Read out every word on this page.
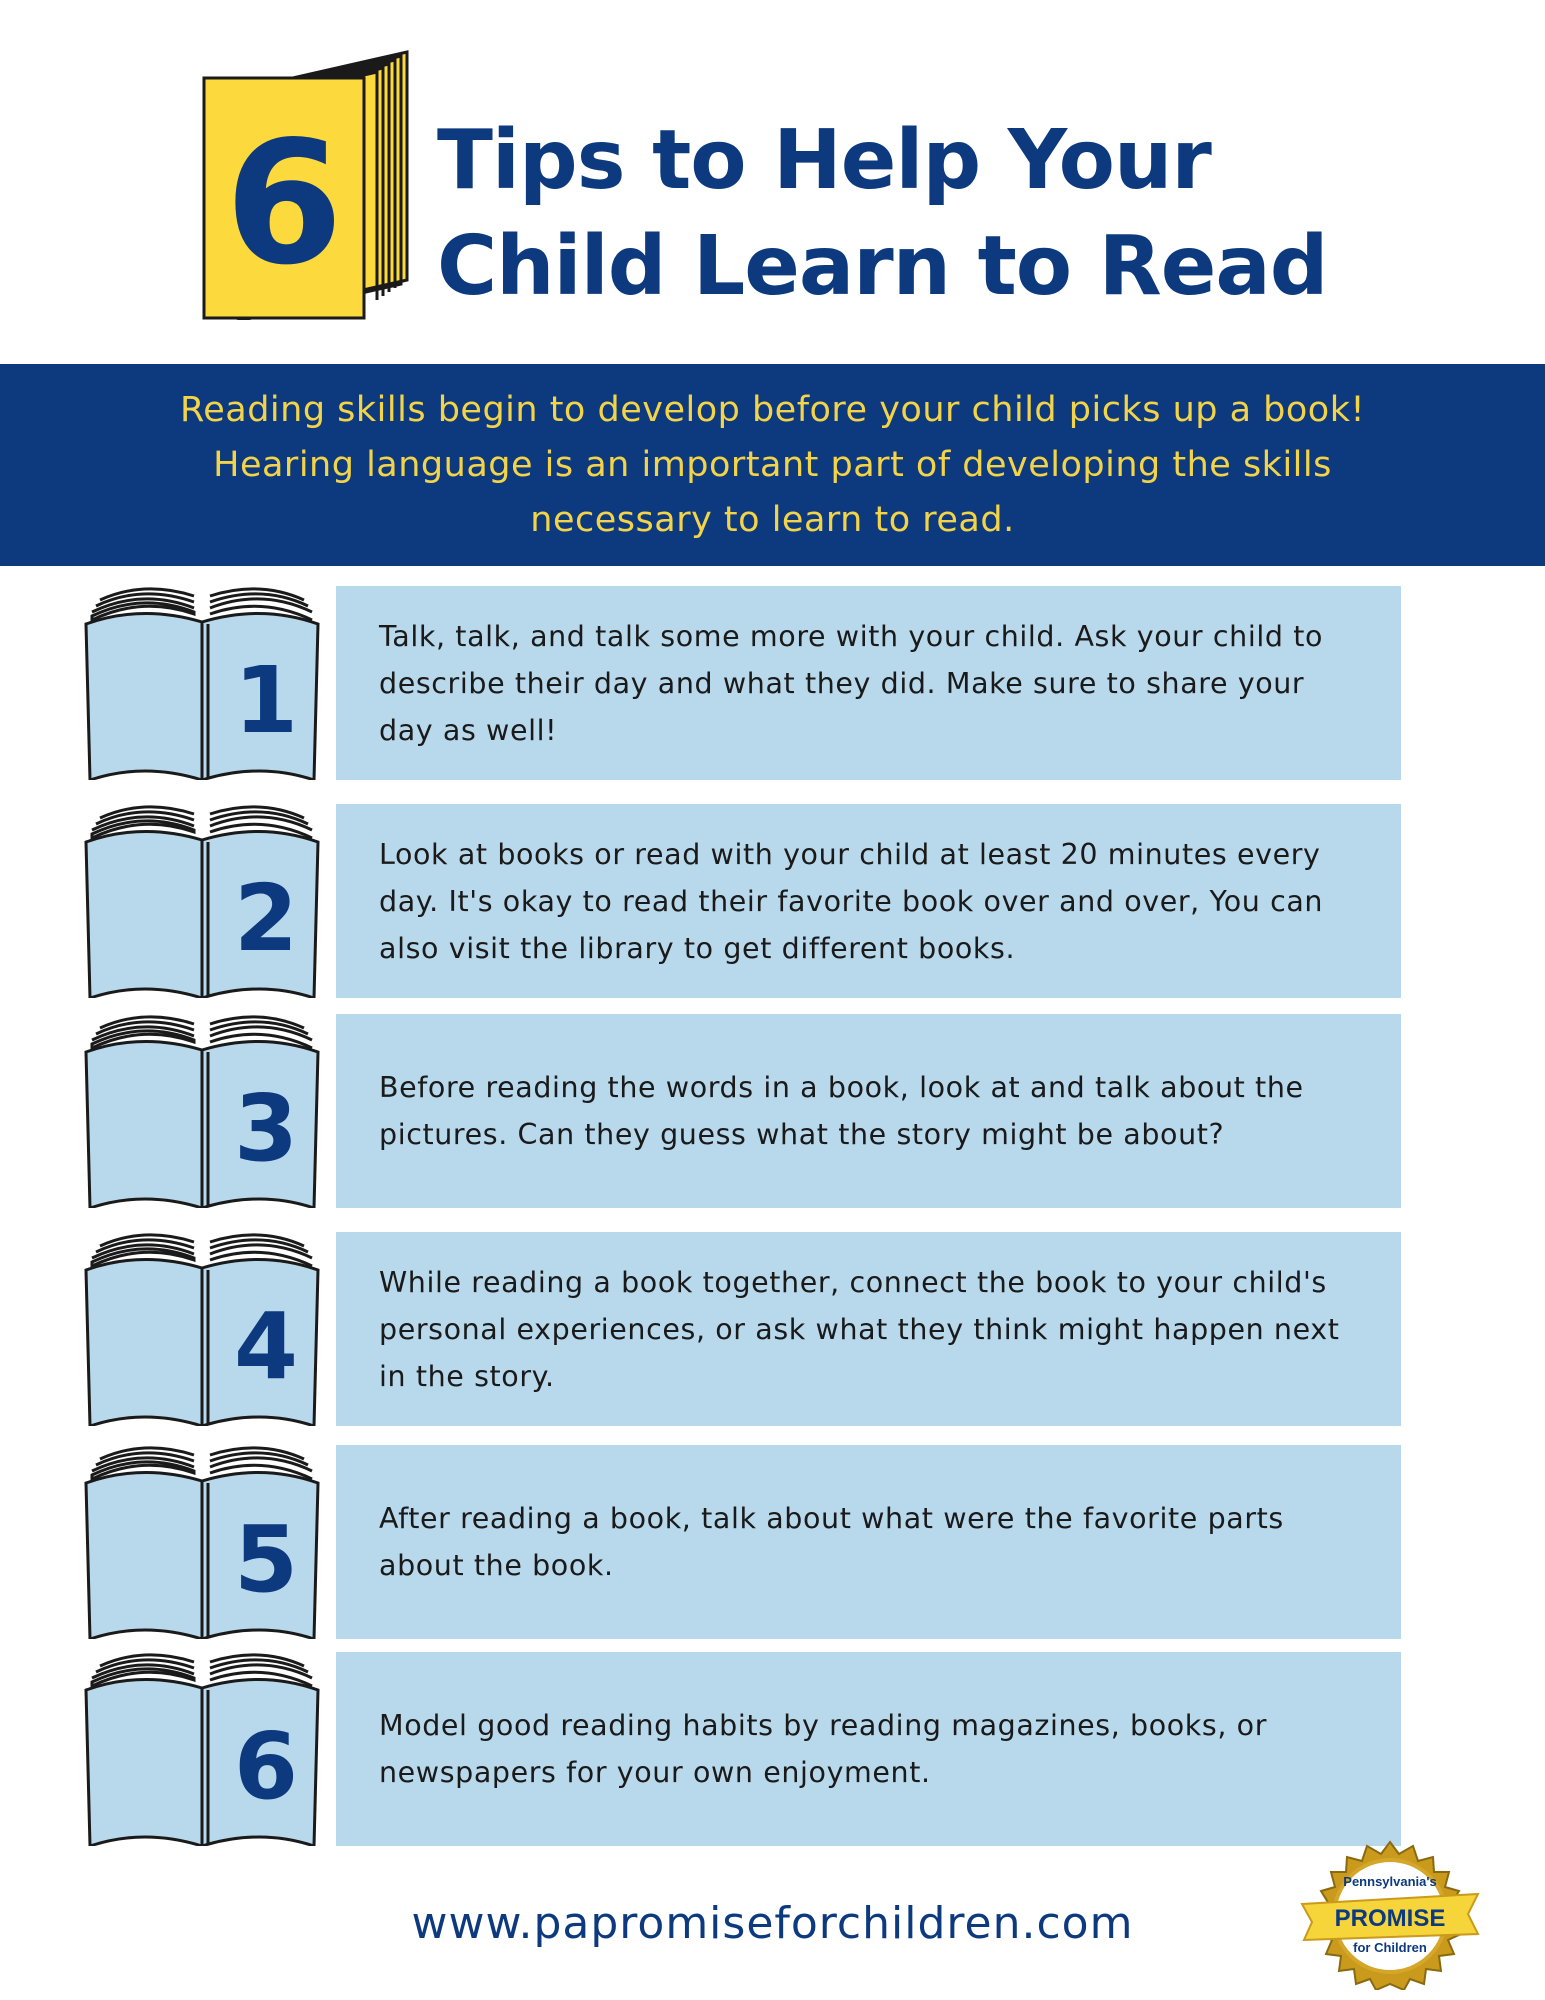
6 Tips to Help Your
Child Learn to Read
Reading skills begin to develop before your child picks up a book! Hearing language is an important part of developing the skills necessary to learn to read.
1
Talk, talk, and talk some more with your child. Ask your child to describe their day and what they did. Make sure to share your day as well!
2
Look at books or read with your child at least 20 minutes every day. It's okay to read their favorite book over and over, You can also visit the library to get different books.
3	Before reading the words in a book, look at and talk about the pictures. Can they guess what the story might be about?
4
While reading a book together, connect the book to your child's personal experiences, or ask what they think might happen next in the story.
5	After reading a book, talk about what were the favorite parts about the book.
6	Model good reading habits by reading magazines, books, or newspapers for your own enjoyment.
www.papromiseforchildren.com
Pennsylvania's
PROMISE
for Children
